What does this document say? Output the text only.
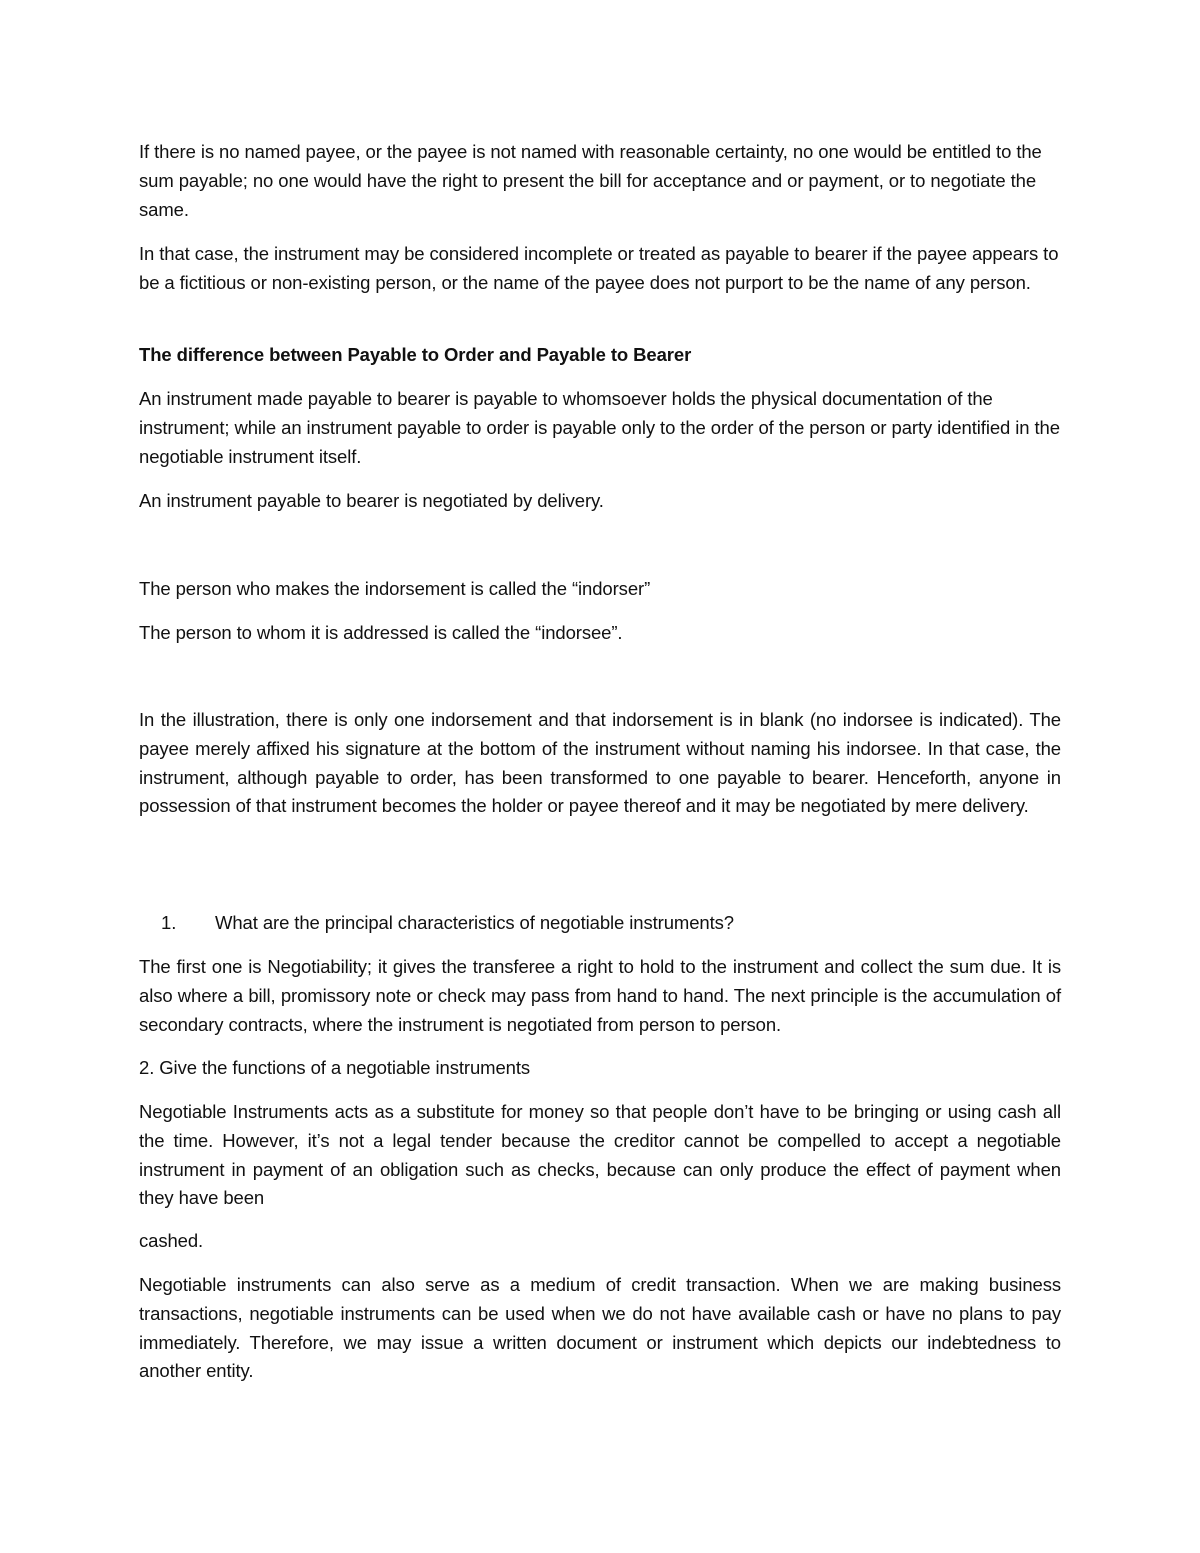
If there is no named payee, or the payee is not named with reasonable certainty, no one would be entitled to the sum payable; no one would have the right to present the bill for acceptance and or payment, or to negotiate the same.

In that case, the instrument may be considered incomplete or treated as payable to bearer if the payee appears to be a fictitious or non-existing person, or the name of the payee does not purport to be the name of any person.

The difference between Payable to Order and Payable to Bearer

An instrument made payable to bearer is payable to whomsoever holds the physical documentation of the instrument; while an instrument payable to order is payable only to the order of the person or party identified in the negotiable instrument itself.

An instrument payable to bearer is negotiated by delivery.

The person who makes the indorsement is called the “indorser”

The person to whom it is addressed is called the “indorsee”.

In the illustration, there is only one indorsement and that indorsement is in blank (no indorsee is indicated). The payee merely affixed his signature at the bottom of the instrument without naming his indorsee. In that case, the instrument, although payable to order, has been transformed to one payable to bearer. Henceforth, anyone in possession of that instrument becomes the holder or payee thereof and it may be negotiated by mere delivery.

1. What are the principal characteristics of negotiable instruments?

The first one is Negotiability; it gives the transferee a right to hold to the instrument and collect the sum due. It is also where a bill, promissory note or check may pass from hand to hand. The next principle is the accumulation of secondary contracts, where the instrument is negotiated from person to person.

2. Give the functions of a negotiable instruments

Negotiable Instruments acts as a substitute for money so that people don’t have to be bringing or using cash all the time. However, it’s not a legal tender because the creditor cannot be compelled to accept a negotiable instrument in payment of an obligation such as checks, because can only produce the effect of payment when they have been

cashed.

Negotiable instruments can also serve as a medium of credit transaction. When we are making business transactions, negotiable instruments can be used when we do not have available cash or have no plans to pay immediately. Therefore, we may issue a written document or instrument which depicts our indebtedness to another entity.
